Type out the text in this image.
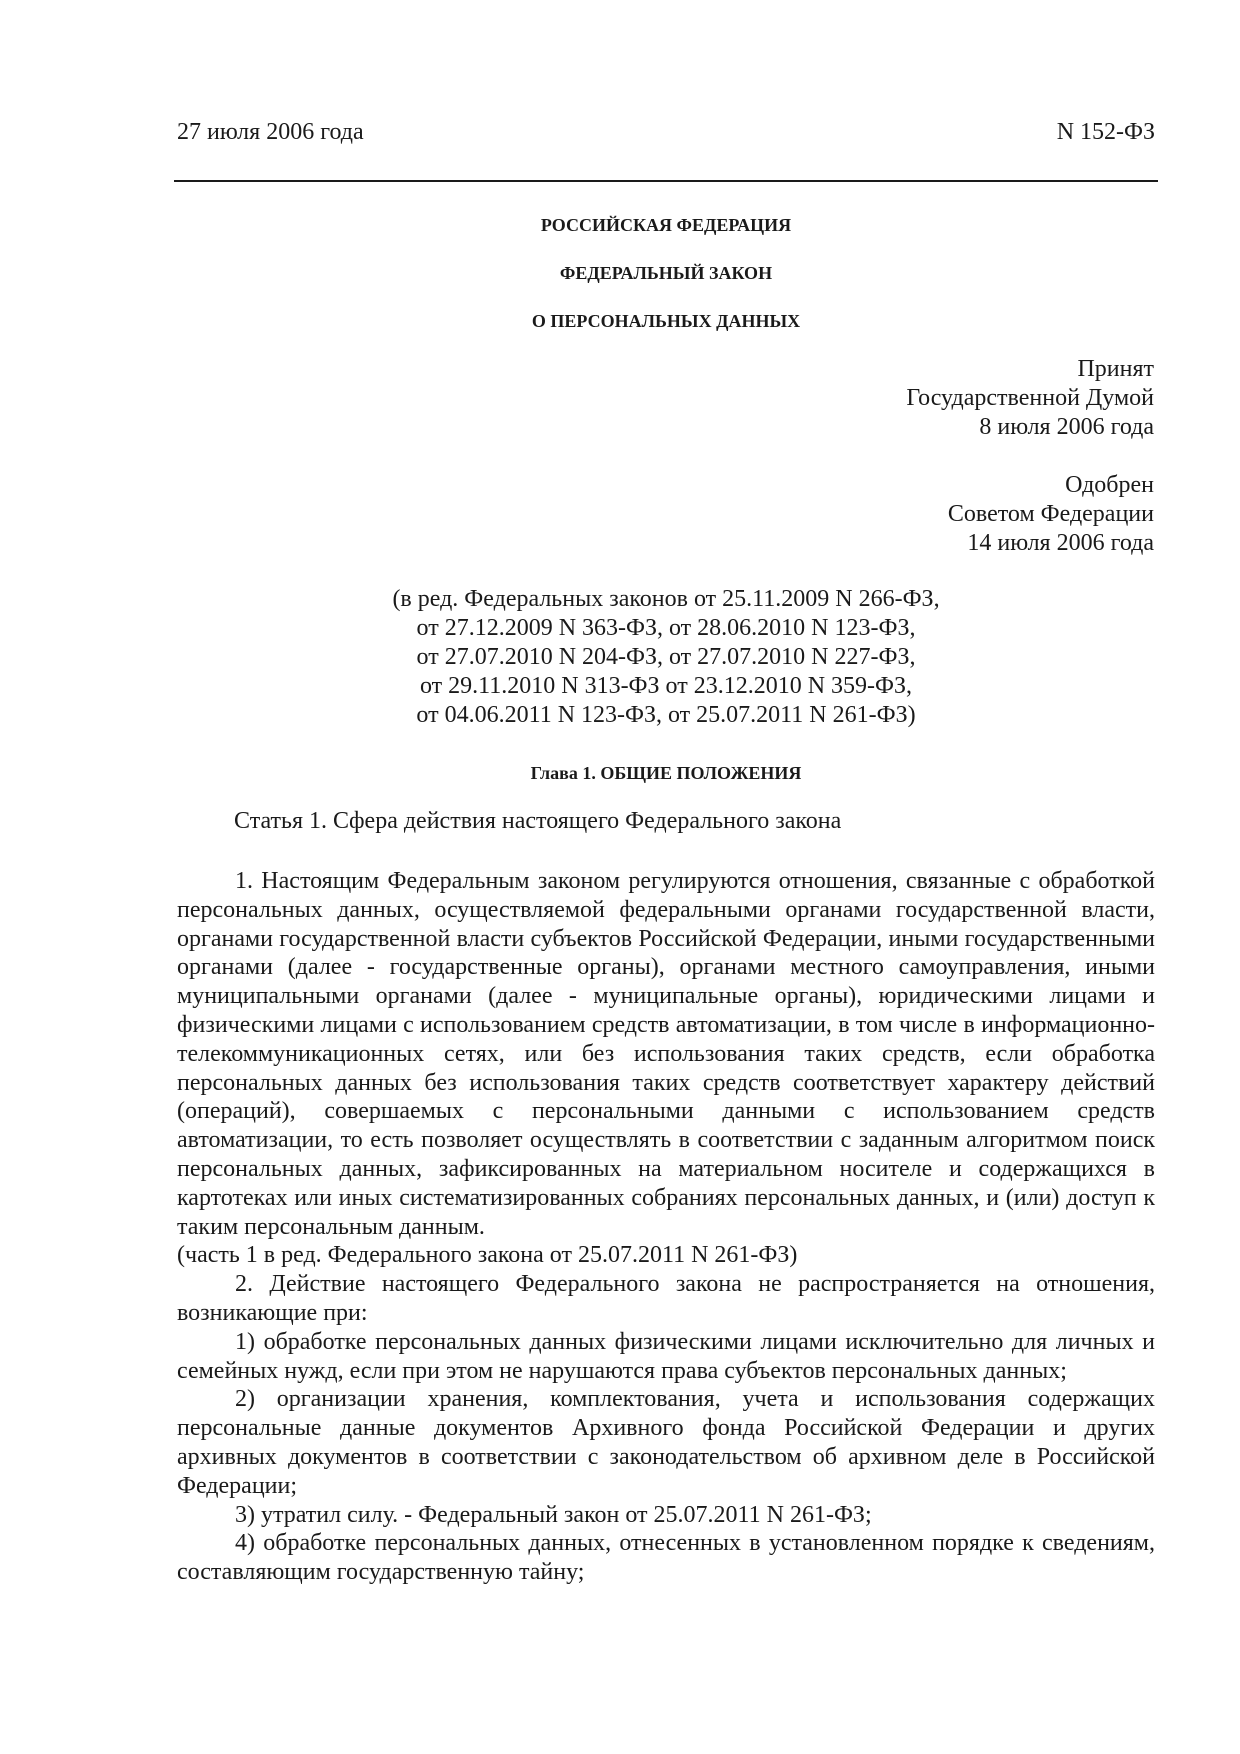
27 июля 2006 года	N 152-ФЗ
РОССИЙСКАЯ ФЕДЕРАЦИЯ
ФЕДЕРАЛЬНЫЙ ЗАКОН
О ПЕРСОНАЛЬНЫХ ДАННЫХ
Принят
Государственной Думой
8 июля 2006 года
Одобрен
Советом Федерации
14 июля 2006 года
(в ред. Федеральных законов от 25.11.2009 N 266-ФЗ,
от 27.12.2009 N 363-ФЗ, от 28.06.2010 N 123-ФЗ,
от 27.07.2010 N 204-ФЗ, от 27.07.2010 N 227-ФЗ,
от 29.11.2010 N 313-ФЗ от 23.12.2010 N 359-ФЗ,
от 04.06.2011 N 123-ФЗ, от 25.07.2011 N 261-ФЗ)
Глава 1. ОБЩИЕ ПОЛОЖЕНИЯ
Статья 1. Сфера действия настоящего Федерального закона

1. Настоящим Федеральным законом регулируются отношения, связанные с обработкой персональных данных, осуществляемой федеральными органами государственной власти, органами государственной власти субъектов Российской Федерации, иными государственными органами (далее - государственные органы), органами местного самоуправления, иными муниципальными органами (далее - муниципальные органы), юридическими лицами и физическими лицами с использованием средств автоматизации, в том числе в информационно-телекоммуникационных сетях, или без использования таких средств, если обработка персональных данных без использования таких средств соответствует характеру действий (операций), совершаемых с персональными данными с использованием средств автоматизации, то есть позволяет осуществлять в соответствии с заданным алгоритмом поиск персональных данных, зафиксированных на материальном носителе и содержащихся в картотеках или иных систематизированных собраниях персональных данных, и (или) доступ к таким персональным данным.

(часть 1 в ред. Федерального закона от 25.07.2011 N 261-ФЗ)

2. Действие настоящего Федерального закона не распространяется на отношения, возникающие при:

1) обработке персональных данных физическими лицами исключительно для личных и семейных нужд, если при этом не нарушаются права субъектов персональных данных;

2) организации хранения, комплектования, учета и использования содержащих персональные данные документов Архивного фонда Российской Федерации и других архивных документов в соответствии с законодательством об архивном деле в Российской Федерации;

3) утратил силу. - Федеральный закон от 25.07.2011 N 261-ФЗ;

4) обработке персональных данных, отнесенных в установленном порядке к сведениям, составляющим государственную тайну;
